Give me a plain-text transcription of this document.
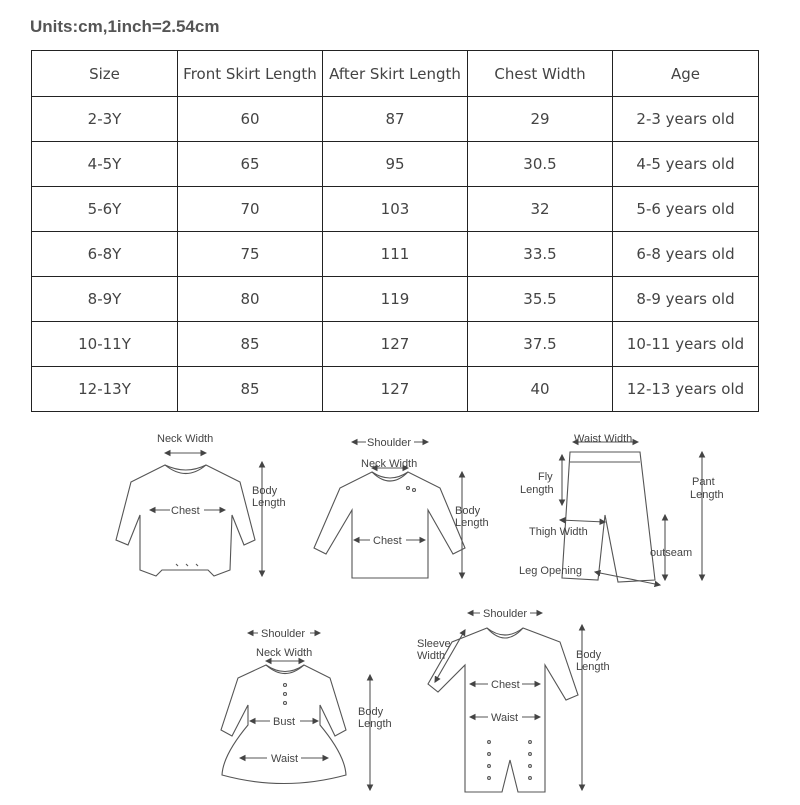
Units:cm,1inch=2.54cm
Size	Front Skirt Length	After Skirt Length	Chest Width	Age
2-3Y	60	87	29	2-3 years old
4-5Y	65	95	30.5	4-5 years old
5-6Y	70	103	32	5-6 years old
6-8Y	75	111	33.5	6-8 years old
8-9Y	80	119	35.5	8-9 years old
10-11Y	85	127	37.5	10-11 years old
12-13Y	85	127	40	12-13 years old
Neck Width
Chest
Body
Length
Shoulder
Neck Width
Chest
Body
Length
Waist Width
Fly
Length
Pant
Length
Thigh Width
outseam
Leg Opening
Shoulder
Neck Width
Bust
Waist
Body
Length
Shoulder
Sleeve
Width
Chest
Waist
Body
Length
